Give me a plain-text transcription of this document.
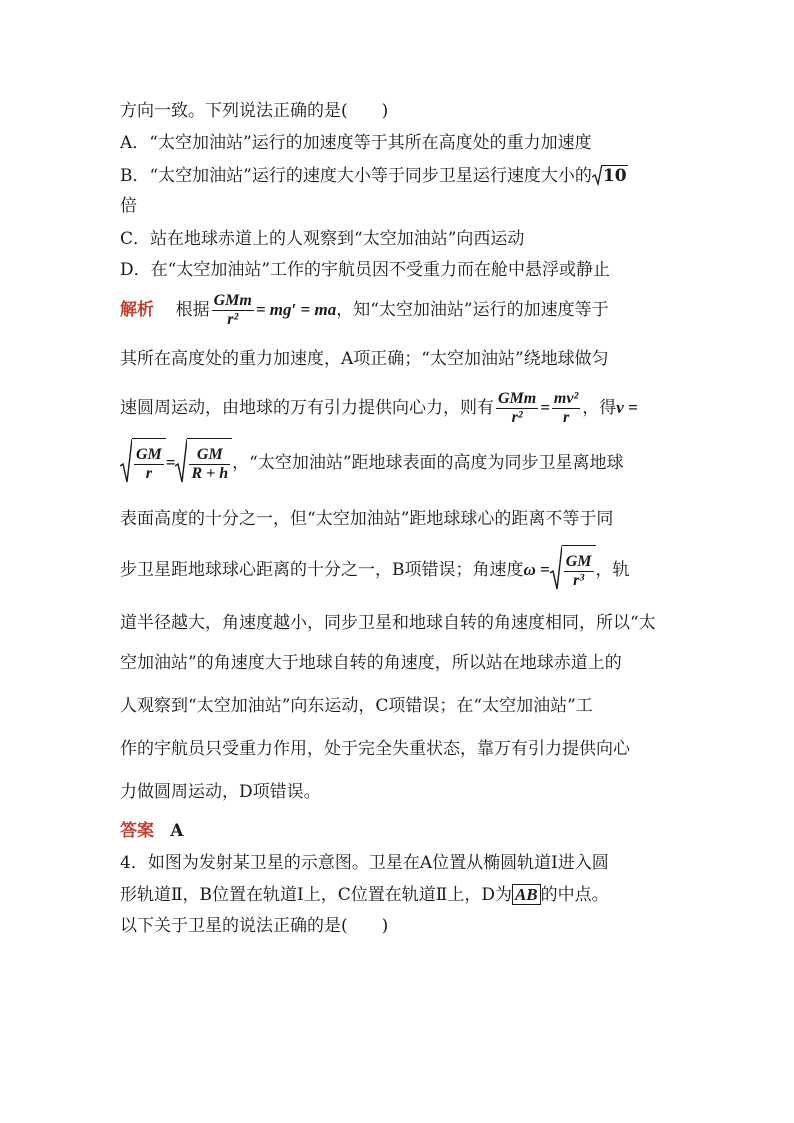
方向一致。下列说法正确的是(　　)
A．“太空加油站”运行的加速度等于其所在高度处的重力加速度
B．“太空加油站”运行的速度大小等于同步卫星运行速度大小的 10
倍
C．站在地球赤道上的人观察到“太空加油站”向西运动
D．在“太空加油站”工作的宇航员因不受重力而在舱中悬浮或静止
解析 根据 $\frac{\text{GMm}}{\text{r²}} = mg'$ = ma，知“太空加油站”运行的加速度等于
其所在高度处的重力加速度，A项正确；“太空加油站”绕地球做匀
速圆周运动，由地球的万有引力提供向心力，则有 $\frac{\text{GMm}}{\text{r²}} = \frac{\text{mv²}}{r}$ ，得v =
$\frac{GM}{r} = \frac{GM}{R + h}$ ，“太空加油站”距地球表面的高度为同步卫星离地球
表面高度的十分之一，但“太空加油站”距地球球心的距离不等于同
步卫星距地球球心距离的十分之一，B项错误；角速度$\omega = \frac{GM}{\text{r³}}$ ，轨
道半径越大，角速度越小，同步卫星和地球自转的角速度相同，所以“太
空加油站”的角速度大于地球自转的角速度，所以站在地球赤道上的
人观察到“太空加油站”向东运动，C项错误；在“太空加油站”工
作的宇航员只受重力作用，处于完全失重状态，靠万有引力提供向心
力做圆周运动，D项错误。
答案 A
4．如图为发射某卫星的示意图。卫星在A位置从椭圆轨道Ⅰ进入圆
形轨道Ⅱ，B位置在轨道Ⅰ上，C位置在轨道Ⅱ上，D为 AB 的中点。
以下关于卫星的说法正确的是(　　)
